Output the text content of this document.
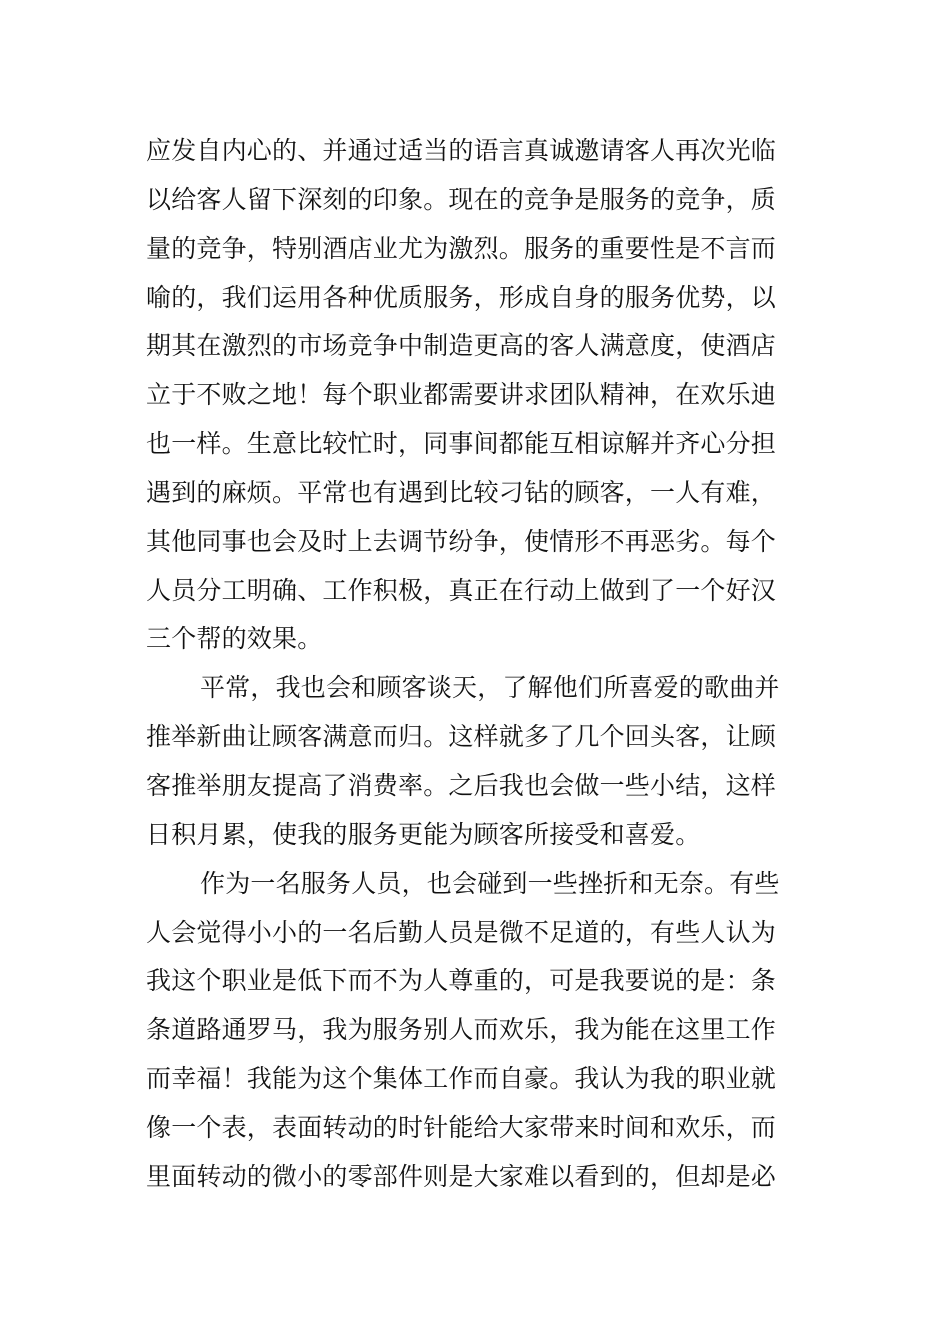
应发自内心的、并通过适当的语言真诚邀请客人再次光临
以给客人留下深刻的印象。现在的竞争是服务的竞争，质
量的竞争，特别酒店业尤为激烈。服务的重要性是不言而
喻的，我们运用各种优质服务，形成自身的服务优势，以
期其在激烈的市场竞争中制造更高的客人满意度，使酒店
立于不败之地！每个职业都需要讲求团队精神，在欢乐迪
也一样。生意比较忙时，同事间都能互相谅解并齐心分担
遇到的麻烦。平常也有遇到比较刁钻的顾客，一人有难，
其他同事也会及时上去调节纷争，使情形不再恶劣。每个
人员分工明确、工作积极，真正在行动上做到了一个好汉
三个帮的效果。
平常，我也会和顾客谈天，了解他们所喜爱的歌曲并
推举新曲让顾客满意而归。这样就多了几个回头客，让顾
客推举朋友提高了消费率。之后我也会做一些小结，这样
日积月累，使我的服务更能为顾客所接受和喜爱。
作为一名服务人员，也会碰到一些挫折和无奈。有些
人会觉得小小的一名后勤人员是微不足道的，有些人认为
我这个职业是低下而不为人尊重的，可是我要说的是：条
条道路通罗马，我为服务别人而欢乐，我为能在这里工作
而幸福！我能为这个集体工作而自豪。我认为我的职业就
像一个表，表面转动的时针能给大家带来时间和欢乐，而
里面转动的微小的零部件则是大家难以看到的，但却是必
